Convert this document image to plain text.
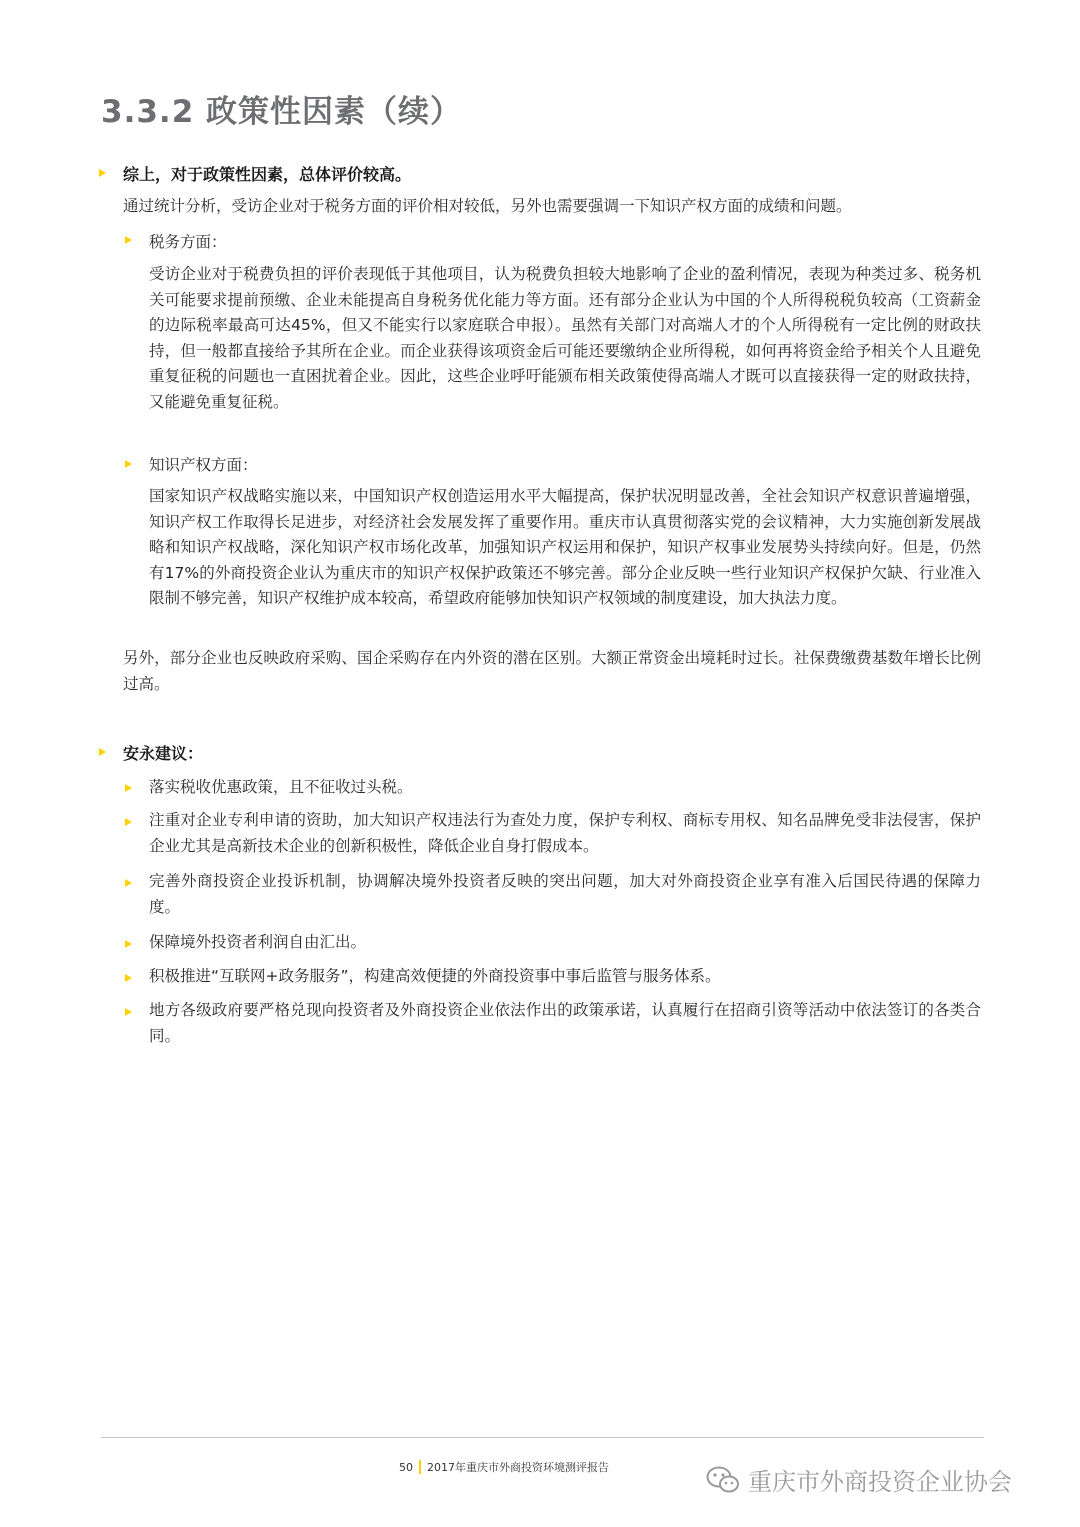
3.3.2 政策性因素（续）
综上，对于政策性因素，总体评价较高。

通过统计分析，受访企业对于税务方面的评价相对较低，另外也需要强调一下知识产权方面的成绩和问题。

税务方面：

受访企业对于税费负担的评价表现低于其他项目，认为税费负担较大地影响了企业的盈利情况，表现为种类过多、税务机关可能要求提前预缴、企业未能提高自身税务优化能力等方面。还有部分企业认为中国的个人所得税税负较高（工资薪金的边际税率最高可达45%，但又不能实行以家庭联合申报）。虽然有关部门对高端人才的个人所得税有一定比例的财政扶持，但一般都直接给予其所在企业。而企业获得该项资金后可能还要缴纳企业所得税，如何再将资金给予相关个人且避免重复征税的问题也一直困扰着企业。因此，这些企业呼吁能颁布相关政策使得高端人才既可以直接获得一定的财政扶持，又能避免重复征税。

知识产权方面：

国家知识产权战略实施以来，中国知识产权创造运用水平大幅提高，保护状况明显改善，全社会知识产权意识普遍增强，知识产权工作取得长足进步，对经济社会发展发挥了重要作用。重庆市认真贯彻落实党的会议精神，大力实施创新发展战略和知识产权战略，深化知识产权市场化改革，加强知识产权运用和保护，知识产权事业发展势头持续向好。但是，仍然有17%的外商投资企业认为重庆市的知识产权保护政策还不够完善。部分企业反映一些行业知识产权保护欠缺、行业准入限制不够完善，知识产权维护成本较高，希望政府能够加快知识产权领域的制度建设，加大执法力度。

另外，部分企业也反映政府采购、国企采购存在内外资的潜在区别。大额正常资金出境耗时过长。社保费缴费基数年增长比例过高。

安永建议：

落实税收优惠政策，且不征收过头税。

注重对企业专利申请的资助，加大知识产权违法行为查处力度，保护专利权、商标专用权、知名品牌免受非法侵害，保护企业尤其是高新技术企业的创新积极性，降低企业自身打假成本。

完善外商投资企业投诉机制，协调解决境外投资者反映的突出问题，加大对外商投资企业享有准入后国民待遇的保障力度。

保障境外投资者利润自由汇出。

积极推进“互联网+政务服务”，构建高效便捷的外商投资事中事后监管与服务体系。

地方各级政府要严格兑现向投资者及外商投资企业依法作出的政策承诺，认真履行在招商引资等活动中依法签订的各类合同。

50 2017年重庆市外商投资环境测评报告
重庆市外商投资企业协会
